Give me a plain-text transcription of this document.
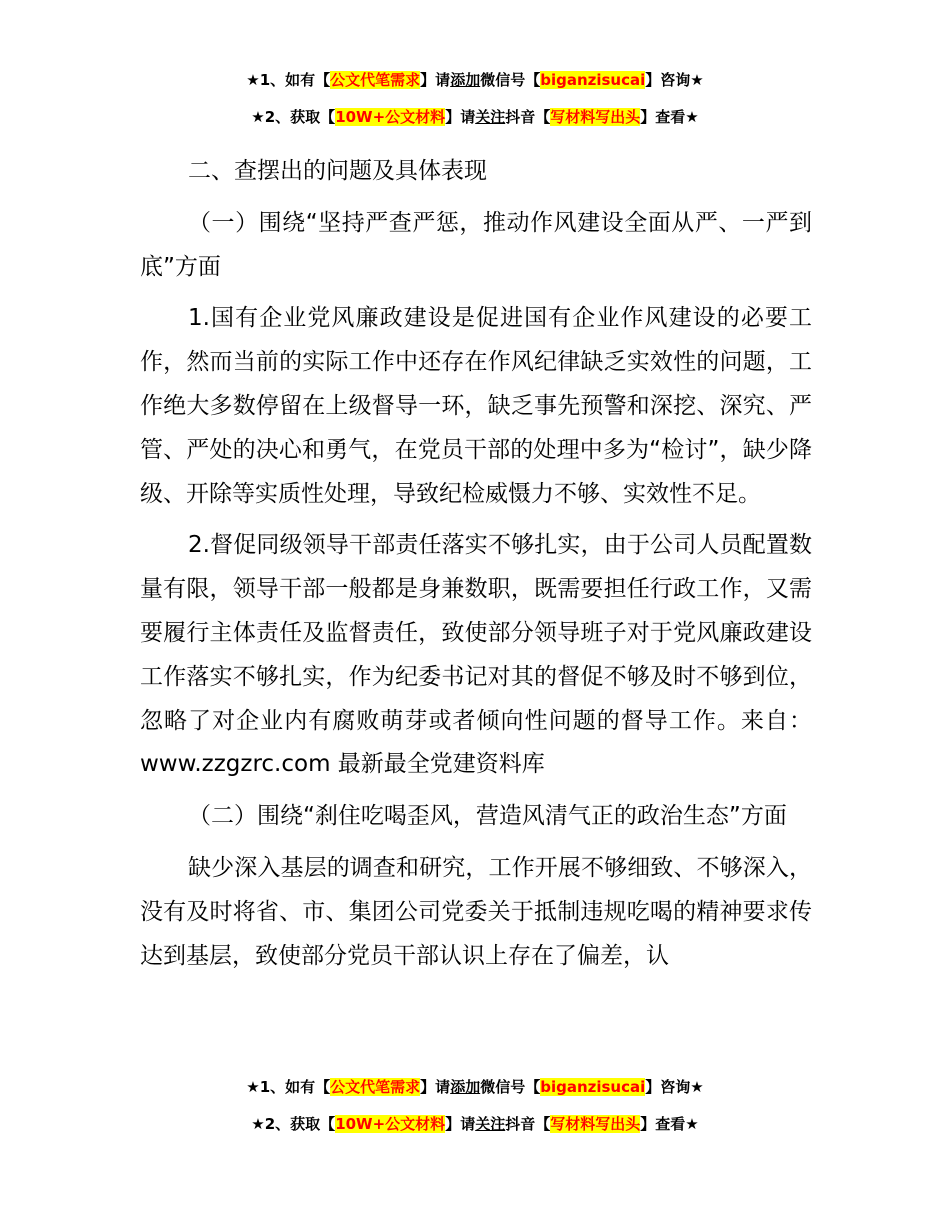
★1、如有【公文代笔需求】请添加微信号【biganzisucai】咨询★
★2、获取【10W+公文材料】请关注抖音【写材料写出头】查看★

二、查摆出的问题及具体表现

（一）围绕“坚持严查严惩，推动作风建设全面从严、一严到底”方面

1.国有企业党风廉政建设是促进国有企业作风建设的必要工作，然而当前的实际工作中还存在作风纪律缺乏实效性的问题，工作绝大多数停留在上级督导一环，缺乏事先预警和深挖、深究、严管、严处的决心和勇气，在党员干部的处理中多为“检讨”，缺少降级、开除等实质性处理，导致纪检威慑力不够、实效性不足。

2.督促同级领导干部责任落实不够扎实，由于公司人员配置数量有限，领导干部一般都是身兼数职，既需要担任行政工作，又需要履行主体责任及监督责任，致使部分领导班子对于党风廉政建设工作落实不够扎实，作为纪委书记对其的督促不够及时不够到位，忽略了对企业内有腐败萌芽或者倾向性问题的督导工作。来自：www.zzgzrc.com 最新最全党建资料库

（二）围绕“刹住吃喝歪风，营造风清气正的政治生态”方面

缺少深入基层的调查和研究，工作开展不够细致、不够深入，没有及时将省、市、集团公司党委关于抵制违规吃喝的精神要求传达到基层，致使部分党员干部认识上存在了偏差，认

★1、如有【公文代笔需求】请添加微信号【biganzisucai】咨询★
★2、获取【10W+公文材料】请关注抖音【写材料写出头】查看★
